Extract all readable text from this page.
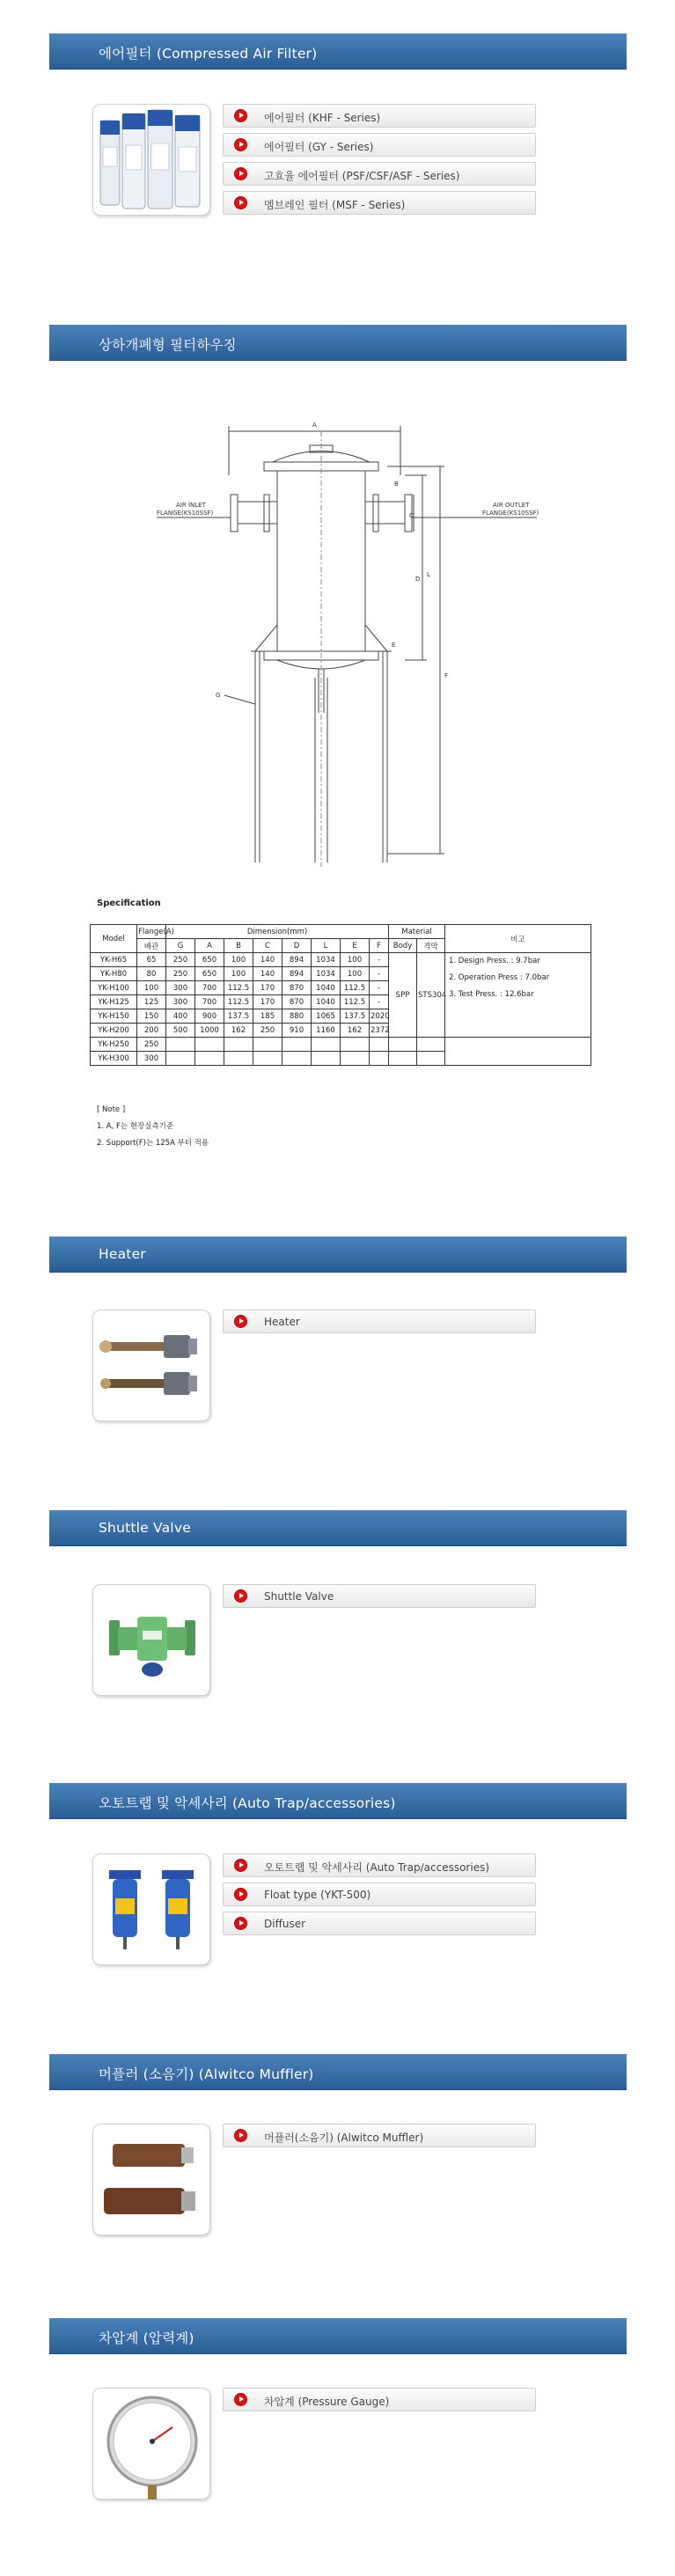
에어필터 (Compressed Air Filter)
에어필터 (KHF - Series)
에어필터 (GY - Series)
고효율 에어필터 (PSF/CSF/ASF - Series)
멤브레인 필터 (MSF - Series)
상하개폐형 필터하우징
A
B
C
D
L
E
F
G
AIR INLET
FLANGE(KS10SSF)
AIR OUTLET
FLANGE(KS10SSF)
Specification
Model	Flange(A)	Dimension(mm)								Material		비고
	배관	G	A	B	C	D	L	E	F	Body	격막	
YK-H65	65	250	650	100	140	894	1034	100	-	SPP	STS304	1. Design Press. : 9.7bar
2. Operation Press : 7.0bar
3. Test Press. : 12.6bar

YK-H80	80	250	650	100	140	894	1034	100	-			
YK-H100	100	300	700	112.5	170	870	1040	112.5	-			
YK-H125	125	300	700	112.5	170	870	1040	112.5	-			
YK-H150	150	400	900	137.5	185	880	1065	137.5	2020			
YK-H200	200	500	1000	162	250	910	1160	162	2372			
YK-H250	250											
YK-H300	300											
[ Note ]
1. A, F는 현장실측기준
2. Support(F)는 125A 부터 적용
Heater
Heater
Shuttle Valve
Shuttle Valve
오토트랩 및 악세사리 (Auto Trap/accessories)
오토트랩 및 악세사리 (Auto Trap/accessories)
Float type (YKT-500)
Diffuser
머플러 (소음기) (Alwitco Muffler)
머플러(소음기) (Alwitco Muffler)
차압계 (압력계)
차압계 (Pressure Gauge)
